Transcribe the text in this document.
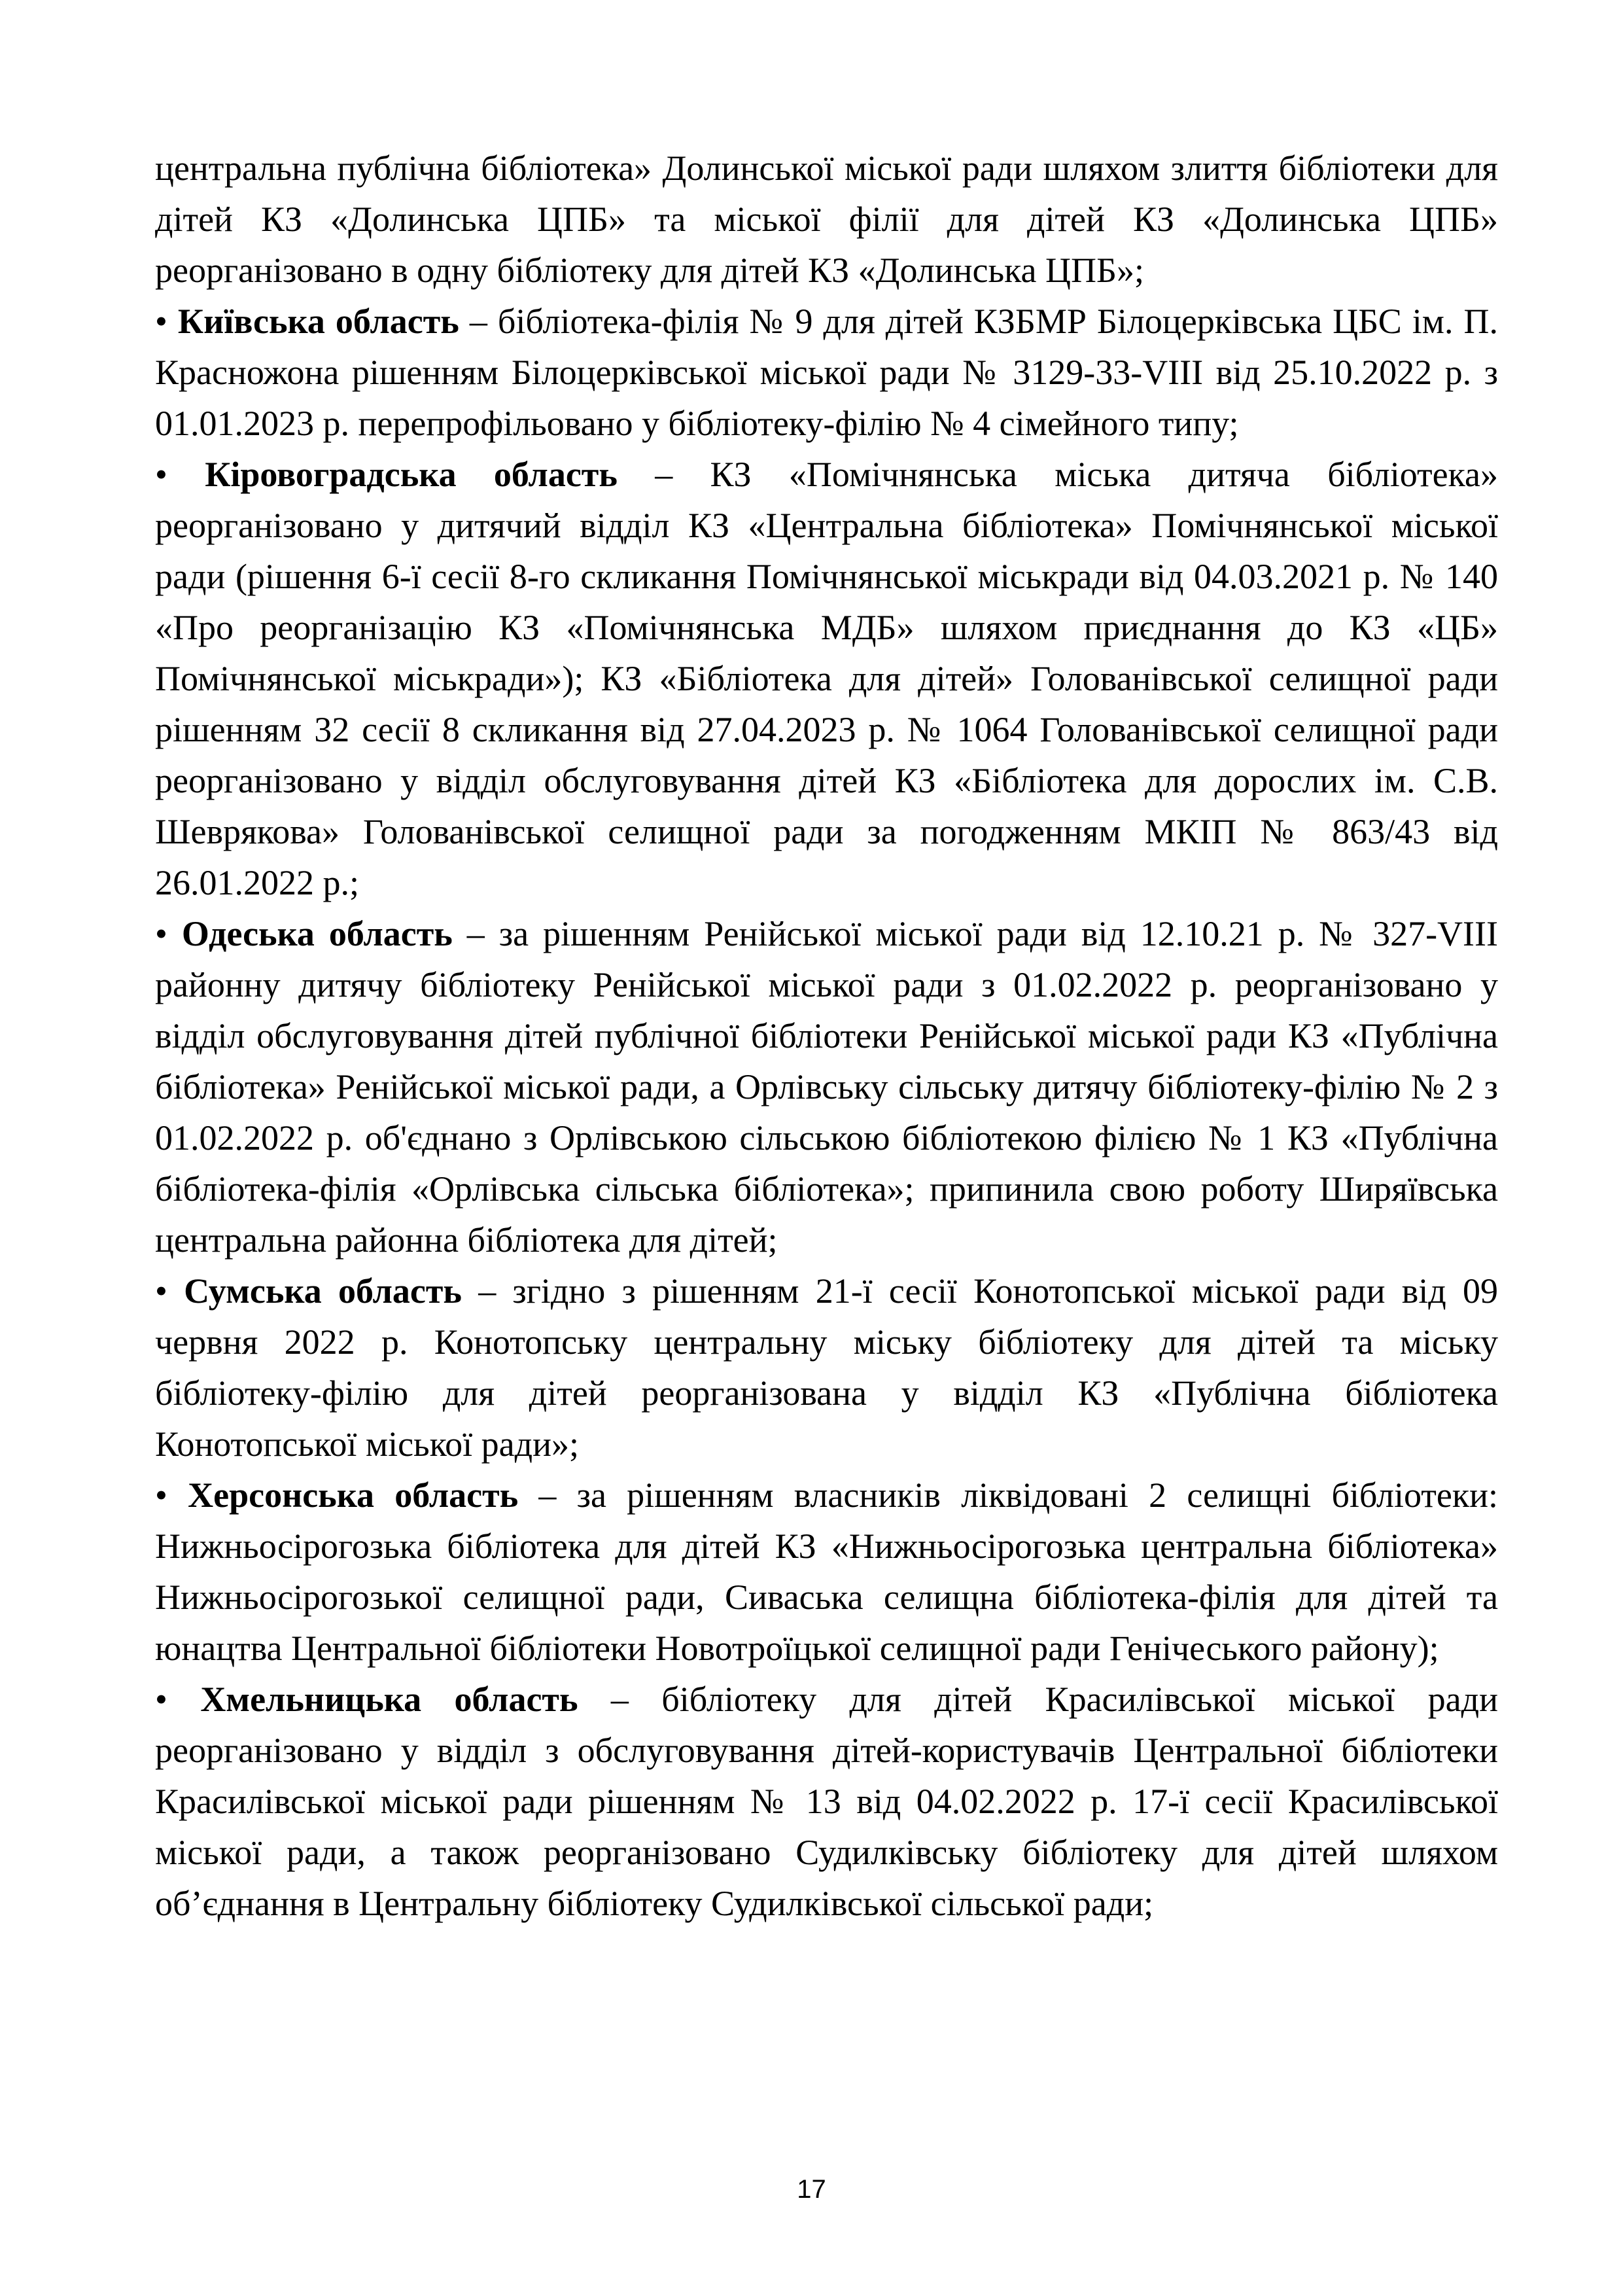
центральна публічна бібліотека» Долинської міської ради шляхом злиття бібліотеки для дітей КЗ «Долинська ЦПБ» та міської філії для дітей КЗ «Долинська ЦПБ» реорганізовано в одну бібліотеку для дітей КЗ «Долинська ЦПБ»;

• Київська область – бібліотека-філія № 9 для дітей КЗБМР Білоцерківська ЦБС ім. П. Красножона рішенням Білоцерківської міської ради № 3129-33-VIII від 25.10.2022 р. з 01.01.2023 р. перепрофільовано у бібліотеку-філію № 4 сімейного типу;

• Кіровоградська область – КЗ «Помічнянська міська дитяча бібліотека» реорганізовано у дитячий відділ КЗ «Центральна бібліотека» Помічнянської міської ради (рішення 6-ї сесії 8-го скликання Помічнянської міськради від 04.03.2021 р. № 140 «Про реорганізацію КЗ «Помічнянська МДБ» шляхом приєднання до КЗ «ЦБ» Помічнянської міськради»); КЗ «Бібліотека для дітей» Голованівської селищної ради рішенням 32 сесії 8 скликання від 27.04.2023 р. № 1064 Голованівської селищної ради реорганізовано у відділ обслуговування дітей КЗ «Бібліотека для дорослих ім. С.В. Шеврякова» Голованівської селищної ради за погодженням МКІП № 863/43 від 26.01.2022 р.;

• Одеська область – за рішенням Ренійської міської ради від 12.10.21 р. № 327-VIII районну дитячу бібліотеку Ренійської міської ради з 01.02.2022 р. реорганізовано у відділ обслуговування дітей публічної бібліотеки Ренійської міської ради КЗ «Публічна бібліотека» Ренійської міської ради, а Орлівську сільську дитячу бібліотеку-філію № 2 з 01.02.2022 р. об'єднано з Орлівською сільською бібліотекою філією № 1 КЗ «Публічна бібліотека-філія «Орлівська сільська бібліотека»; припинила свою роботу Ширяївська центральна районна бібліотека для дітей;

• Сумська область – згідно з рішенням 21-ї сесії Конотопської міської ради від 09 червня 2022 р. Конотопську центральну міську бібліотеку для дітей та міську бібліотеку-філію для дітей реорганізована у відділ КЗ «Публічна бібліотека Конотопської міської ради»;

• Херсонська область – за рішенням власників ліквідовані 2 селищні бібліотеки: Нижньосірогозька бібліотека для дітей КЗ «Нижньосірогозька центральна бібліотека» Нижньосірогозької селищної ради, Сиваська селищна бібліотека-філія для дітей та юнацтва Центральної бібліотеки Новотроїцької селищної ради Генічеського району);

• Хмельницька область – бібліотеку для дітей Красилівської міської ради реорганізовано у відділ з обслуговування дітей-користувачів Центральної бібліотеки Красилівської міської ради рішенням № 13 від 04.02.2022 р. 17-ї сесії Красилівської міської ради, а також реорганізовано Судилківську бібліотеку для дітей шляхом об’єднання в Центральну бібліотеку Судилківської сільської ради;

17
